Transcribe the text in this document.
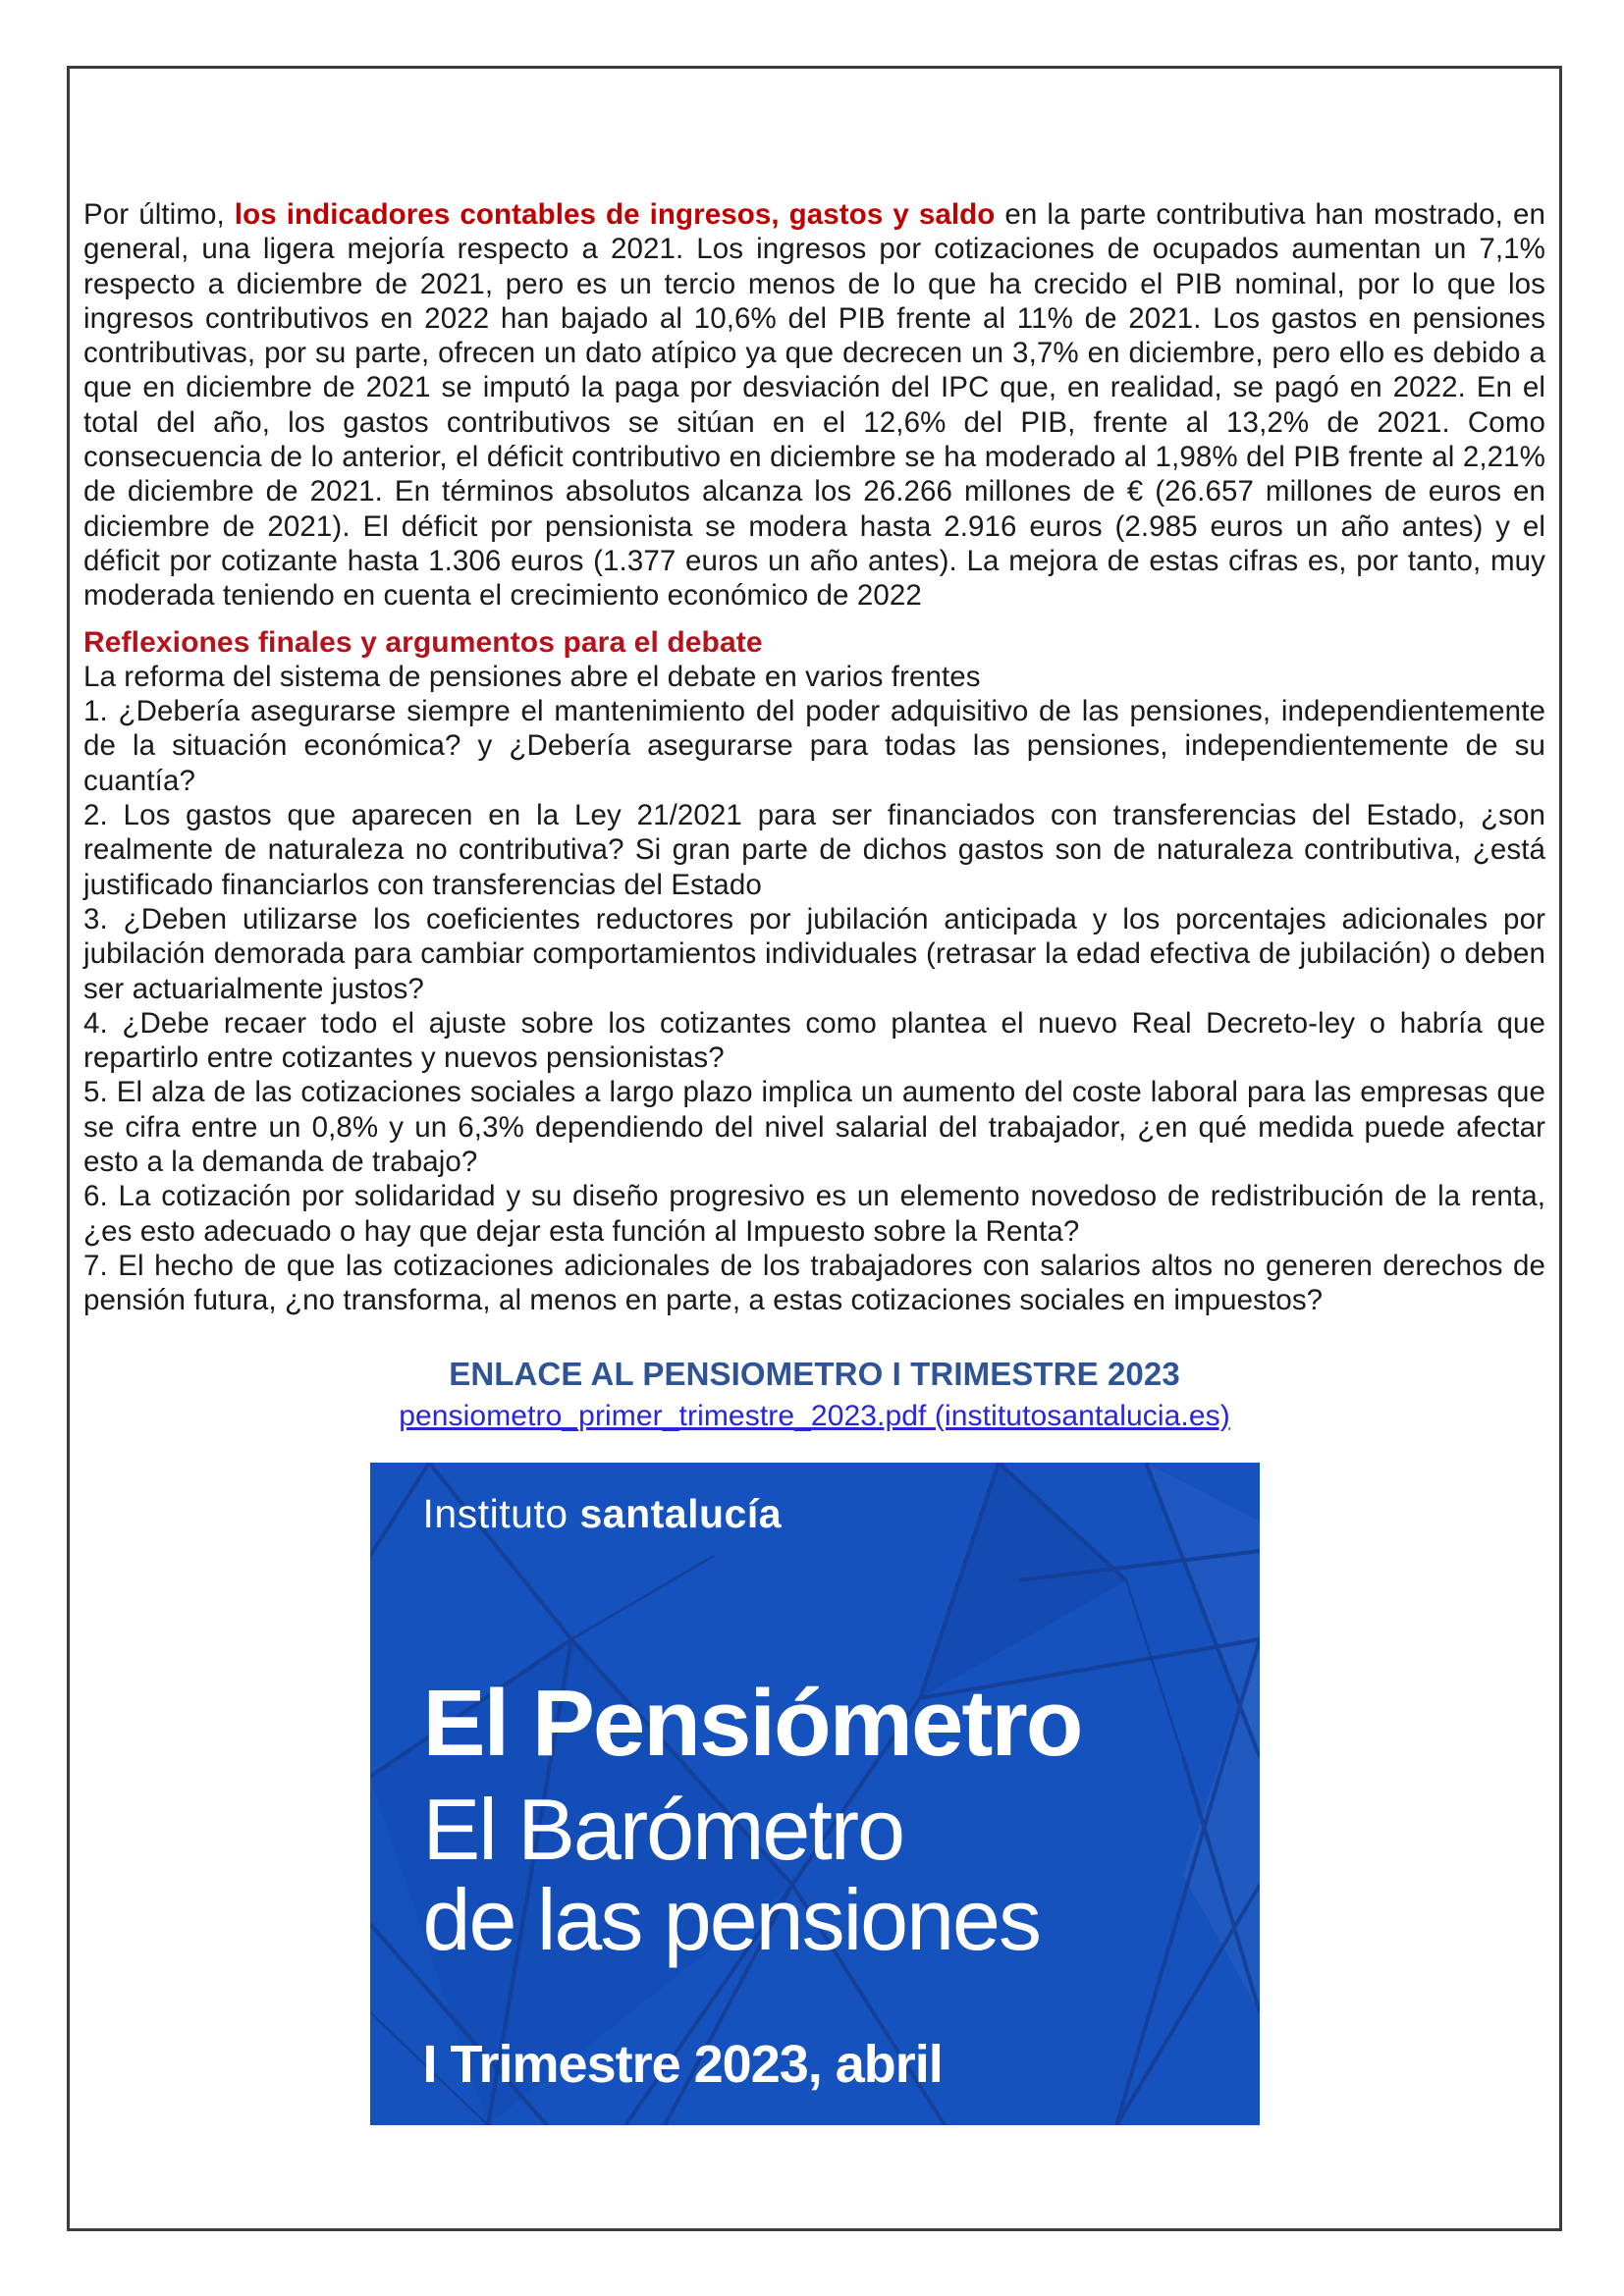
Por último, los indicadores contables de ingresos, gastos y saldo en la parte contributiva han mostrado, en general, una ligera mejoría respecto a 2021. Los ingresos por cotizaciones de ocupados aumentan un 7,1% respecto a diciembre de 2021, pero es un tercio menos de lo que ha crecido el PIB nominal, por lo que los ingresos contributivos en 2022 han bajado al 10,6% del PIB frente al 11% de 2021. Los gastos en pensiones contributivas, por su parte, ofrecen un dato atípico ya que decrecen un 3,7% en diciembre, pero ello es debido a que en diciembre de 2021 se imputó la paga por desviación del IPC que, en realidad, se pagó en 2022. En el total del año, los gastos contributivos se sitúan en el 12,6% del PIB, frente al 13,2% de 2021. Como consecuencia de lo anterior, el déficit contributivo en diciembre se ha moderado al 1,98% del PIB frente al 2,21% de diciembre de 2021. En términos absolutos alcanza los 26.266 millones de € (26.657 millones de euros en diciembre de 2021). El déficit por pensionista se modera hasta 2.916 euros (2.985 euros un año antes) y el déficit por cotizante hasta 1.306 euros (1.377 euros un año antes). La mejora de estas cifras es, por tanto, muy moderada teniendo en cuenta el crecimiento económico de 2022

Reflexiones finales y argumentos para el debate

La reforma del sistema de pensiones abre el debate en varios frentes

1. ¿Debería asegurarse siempre el mantenimiento del poder adquisitivo de las pensiones, independientemente de la situación económica? y ¿Debería asegurarse para todas las pensiones, independientemente de su cuantía?

2. Los gastos que aparecen en la Ley 21/2021 para ser financiados con transferencias del Estado, ¿son realmente de naturaleza no contributiva? Si gran parte de dichos gastos son de naturaleza contributiva, ¿está justificado financiarlos con transferencias del Estado

3. ¿Deben utilizarse los coeficientes reductores por jubilación anticipada y los porcentajes adicionales por jubilación demorada para cambiar comportamientos individuales (retrasar la edad efectiva de jubilación) o deben ser actuarialmente justos?

4. ¿Debe recaer todo el ajuste sobre los cotizantes como plantea el nuevo Real Decreto-ley o habría que repartirlo entre cotizantes y nuevos pensionistas?

5. El alza de las cotizaciones sociales a largo plazo implica un aumento del coste laboral para las empresas que se cifra entre un 0,8% y un 6,3% dependiendo del nivel salarial del trabajador, ¿en qué medida puede afectar esto a la demanda de trabajo?

6. La cotización por solidaridad y su diseño progresivo es un elemento novedoso de redistribución de la renta, ¿es esto adecuado o hay que dejar esta función al Impuesto sobre la Renta?

7. El hecho de que las cotizaciones adicionales de los trabajadores con salarios altos no generen derechos de pensión futura, ¿no transforma, al menos en parte, a estas cotizaciones sociales en impuestos?

ENLACE AL PENSIOMETRO I TRIMESTRE 2023

pensiometro_primer_trimestre_2023.pdf (institutosantalucia.es)

Instituto santalucía
El Pensiómetro
El Barómetro
de las pensiones
I Trimestre 2023, abril
